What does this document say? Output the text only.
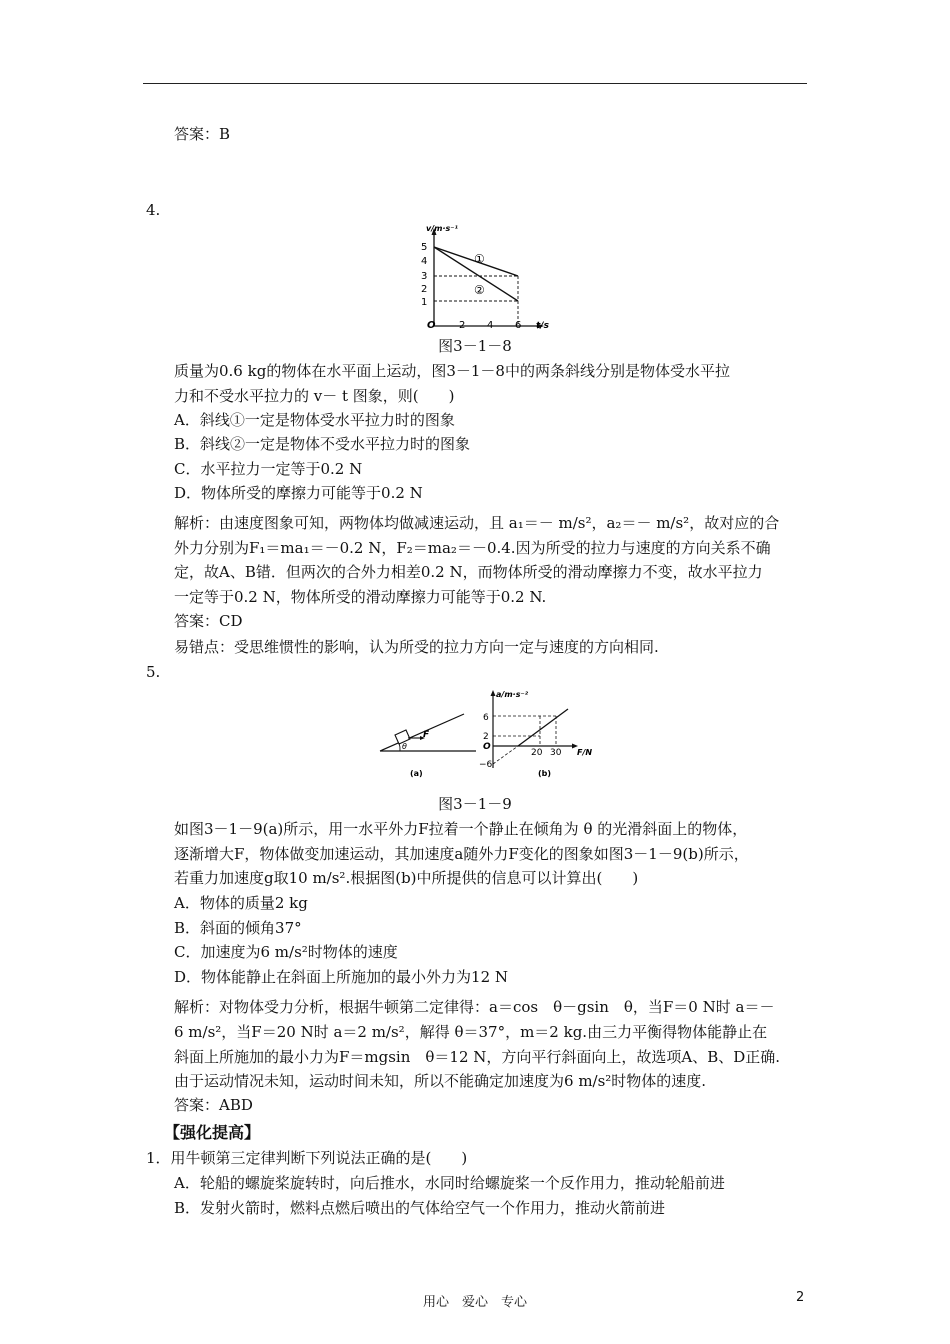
答案：B
4.
v/m·s⁻¹
5
4
3
2
1
O 2 4 6 t/s
①
②
图3－1－8
质量为0.6 kg的物体在水平面上运动，图3－1－8中的两条斜线分别是物体受水平拉
力和不受水平拉力的 v－ t 图象，则(　　)
A．斜线①一定是物体受水平拉力时的图象
B．斜线②一定是物体不受水平拉力时的图象
C．水平拉力一定等于0.2 N
D．物体所受的摩擦力可能等于0.2 N
解析：由速度图象可知，两物体均做减速运动，且 a₁＝－ m/s²，a₂＝－ m/s²，故对应的合
外力分别为F₁＝ma₁＝－0.2 N，F₂＝ma₂＝－0.4.因为所受的拉力与速度的方向关系不确
定，故A、B错．但两次的合外力相差0.2 N，而物体所受的滑动摩擦力不变，故水平拉力
一定等于0.2 N，物体所受的滑动摩擦力可能等于0.2 N.
答案：CD
易错点：受思维惯性的影响，认为所受的拉力方向一定与速度的方向相同.
5.
F
θ
(a)
a/m·s⁻²
6
2
O
−6
20 30 F/N
(b)
图3－1－9
如图3－1－9(a)所示，用一水平外力F拉着一个静止在倾角为 θ 的光滑斜面上的物体，
逐渐增大F，物体做变加速运动，其加速度a随外力F变化的图象如图3－1－9(b)所示，
若重力加速度g取10 m/s².根据图(b)中所提供的信息可以计算出(　　)
A．物体的质量2 kg
B．斜面的倾角37°
C．加速度为6 m/s²时物体的速度
D．物体能静止在斜面上所施加的最小外力为12 N
解析：对物体受力分析，根据牛顿第二定律得：a＝cos　θ－gsin　θ，当F＝0 N时 a＝－
6 m/s²，当F＝20 N时 a＝2 m/s²，解得 θ＝37°，m＝2 kg.由三力平衡得物体能静止在
斜面上所施加的最小力为F＝mgsin　θ＝12 N，方向平行斜面向上，故选项A、B、D正确.
由于运动情况未知，运动时间未知，所以不能确定加速度为6 m/s²时物体的速度.
答案：ABD
【强化提高】
1．用牛顿第三定律判断下列说法正确的是(　　)
A．轮船的螺旋桨旋转时，向后推水，水同时给螺旋桨一个反作用力，推动轮船前进
B．发射火箭时，燃料点燃后喷出的气体给空气一个作用力，推动火箭前进
用心　爱心　专心	2
